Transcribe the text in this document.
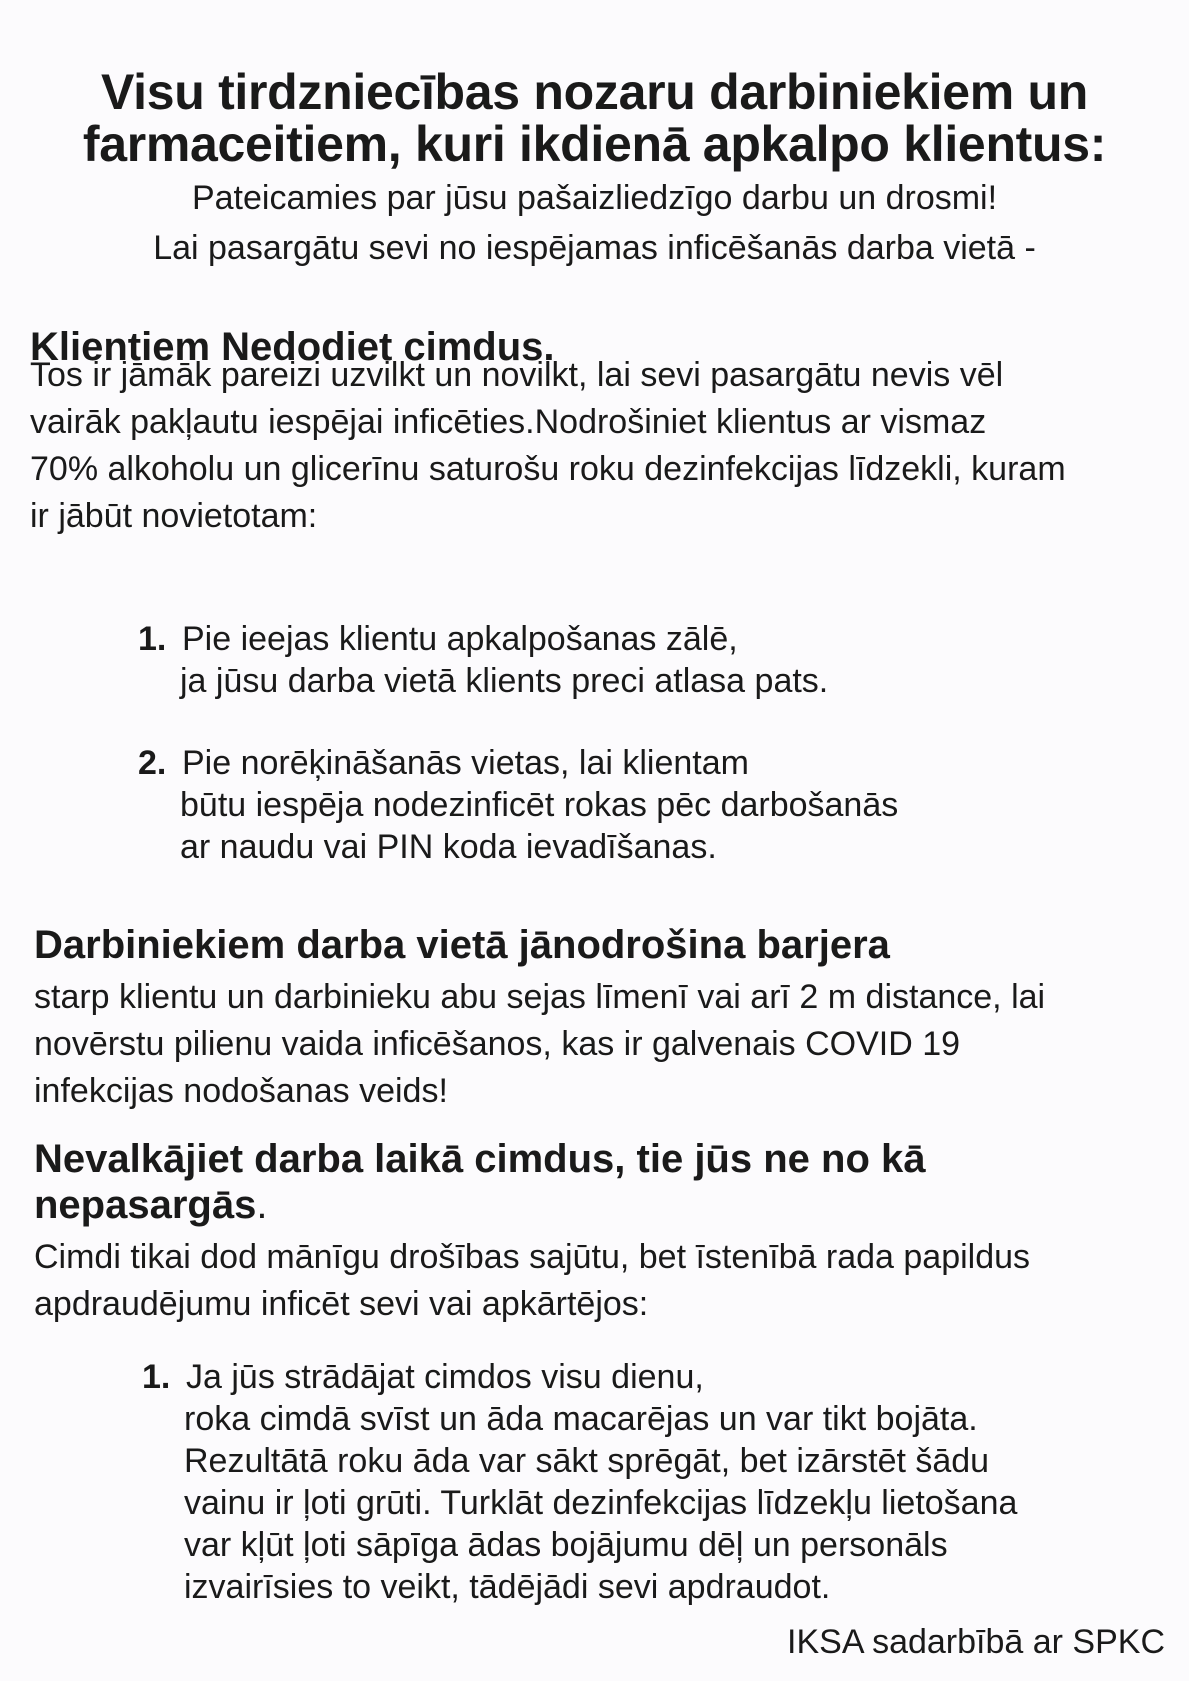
Visu tirdzniecības nozaru darbiniekiem un
farmaceitiem, kuri ikdienā apkalpo klientus:

Pateicamies par jūsu pašaizliedzīgo darbu un drosmi!

Lai pasargātu sevi no iespējamas inficēšanās darba vietā -

Klientiem Nedodiet cimdus.

Tos ir jāmāk pareizi uzvilkt un novilkt, lai sevi pasargātu nevis vēl
vairāk pakļautu iespējai inficēties.Nodrošiniet klientus ar vismaz
70% alkoholu un glicerīnu saturošu roku dezinfekcijas līdzekli, kuram
ir jābūt novietotam:

1. Pie ieejas klientu apkalpošanas zālē,
ja jūsu darba vietā klients preci atlasa pats.
2. Pie norēķināšanās vietas, lai klientam
būtu iespēja nodezinficēt rokas pēc darbošanās
ar naudu vai PIN koda ievadīšanas.
Darbiniekiem darba vietā jānodrošina barjera

starp klientu un darbinieku abu sejas līmenī vai arī 2 m distance, lai
novērstu pilienu vaida inficēšanos, kas ir galvenais COVID 19
infekcijas nodošanas veids!

Nevalkājiet darba laikā cimdus, tie jūs ne no kā
nepasargās.

Cimdi tikai dod mānīgu drošības sajūtu, bet īstenībā rada papildus
apdraudējumu inficēt sevi vai apkārtējos:

1. Ja jūs strādājat cimdos visu dienu,
roka cimdā svīst un āda macarējas un var tikt bojāta.
Rezultātā roku āda var sākt sprēgāt, bet izārstēt šādu
vainu ir ļoti grūti. Turklāt dezinfekcijas līdzekļu lietošana
var kļūt ļoti sāpīga ādas bojājumu dēļ un personāls
izvairīsies to veikt, tādējādi sevi apdraudot.

IKSA sadarbībā ar SPKC
